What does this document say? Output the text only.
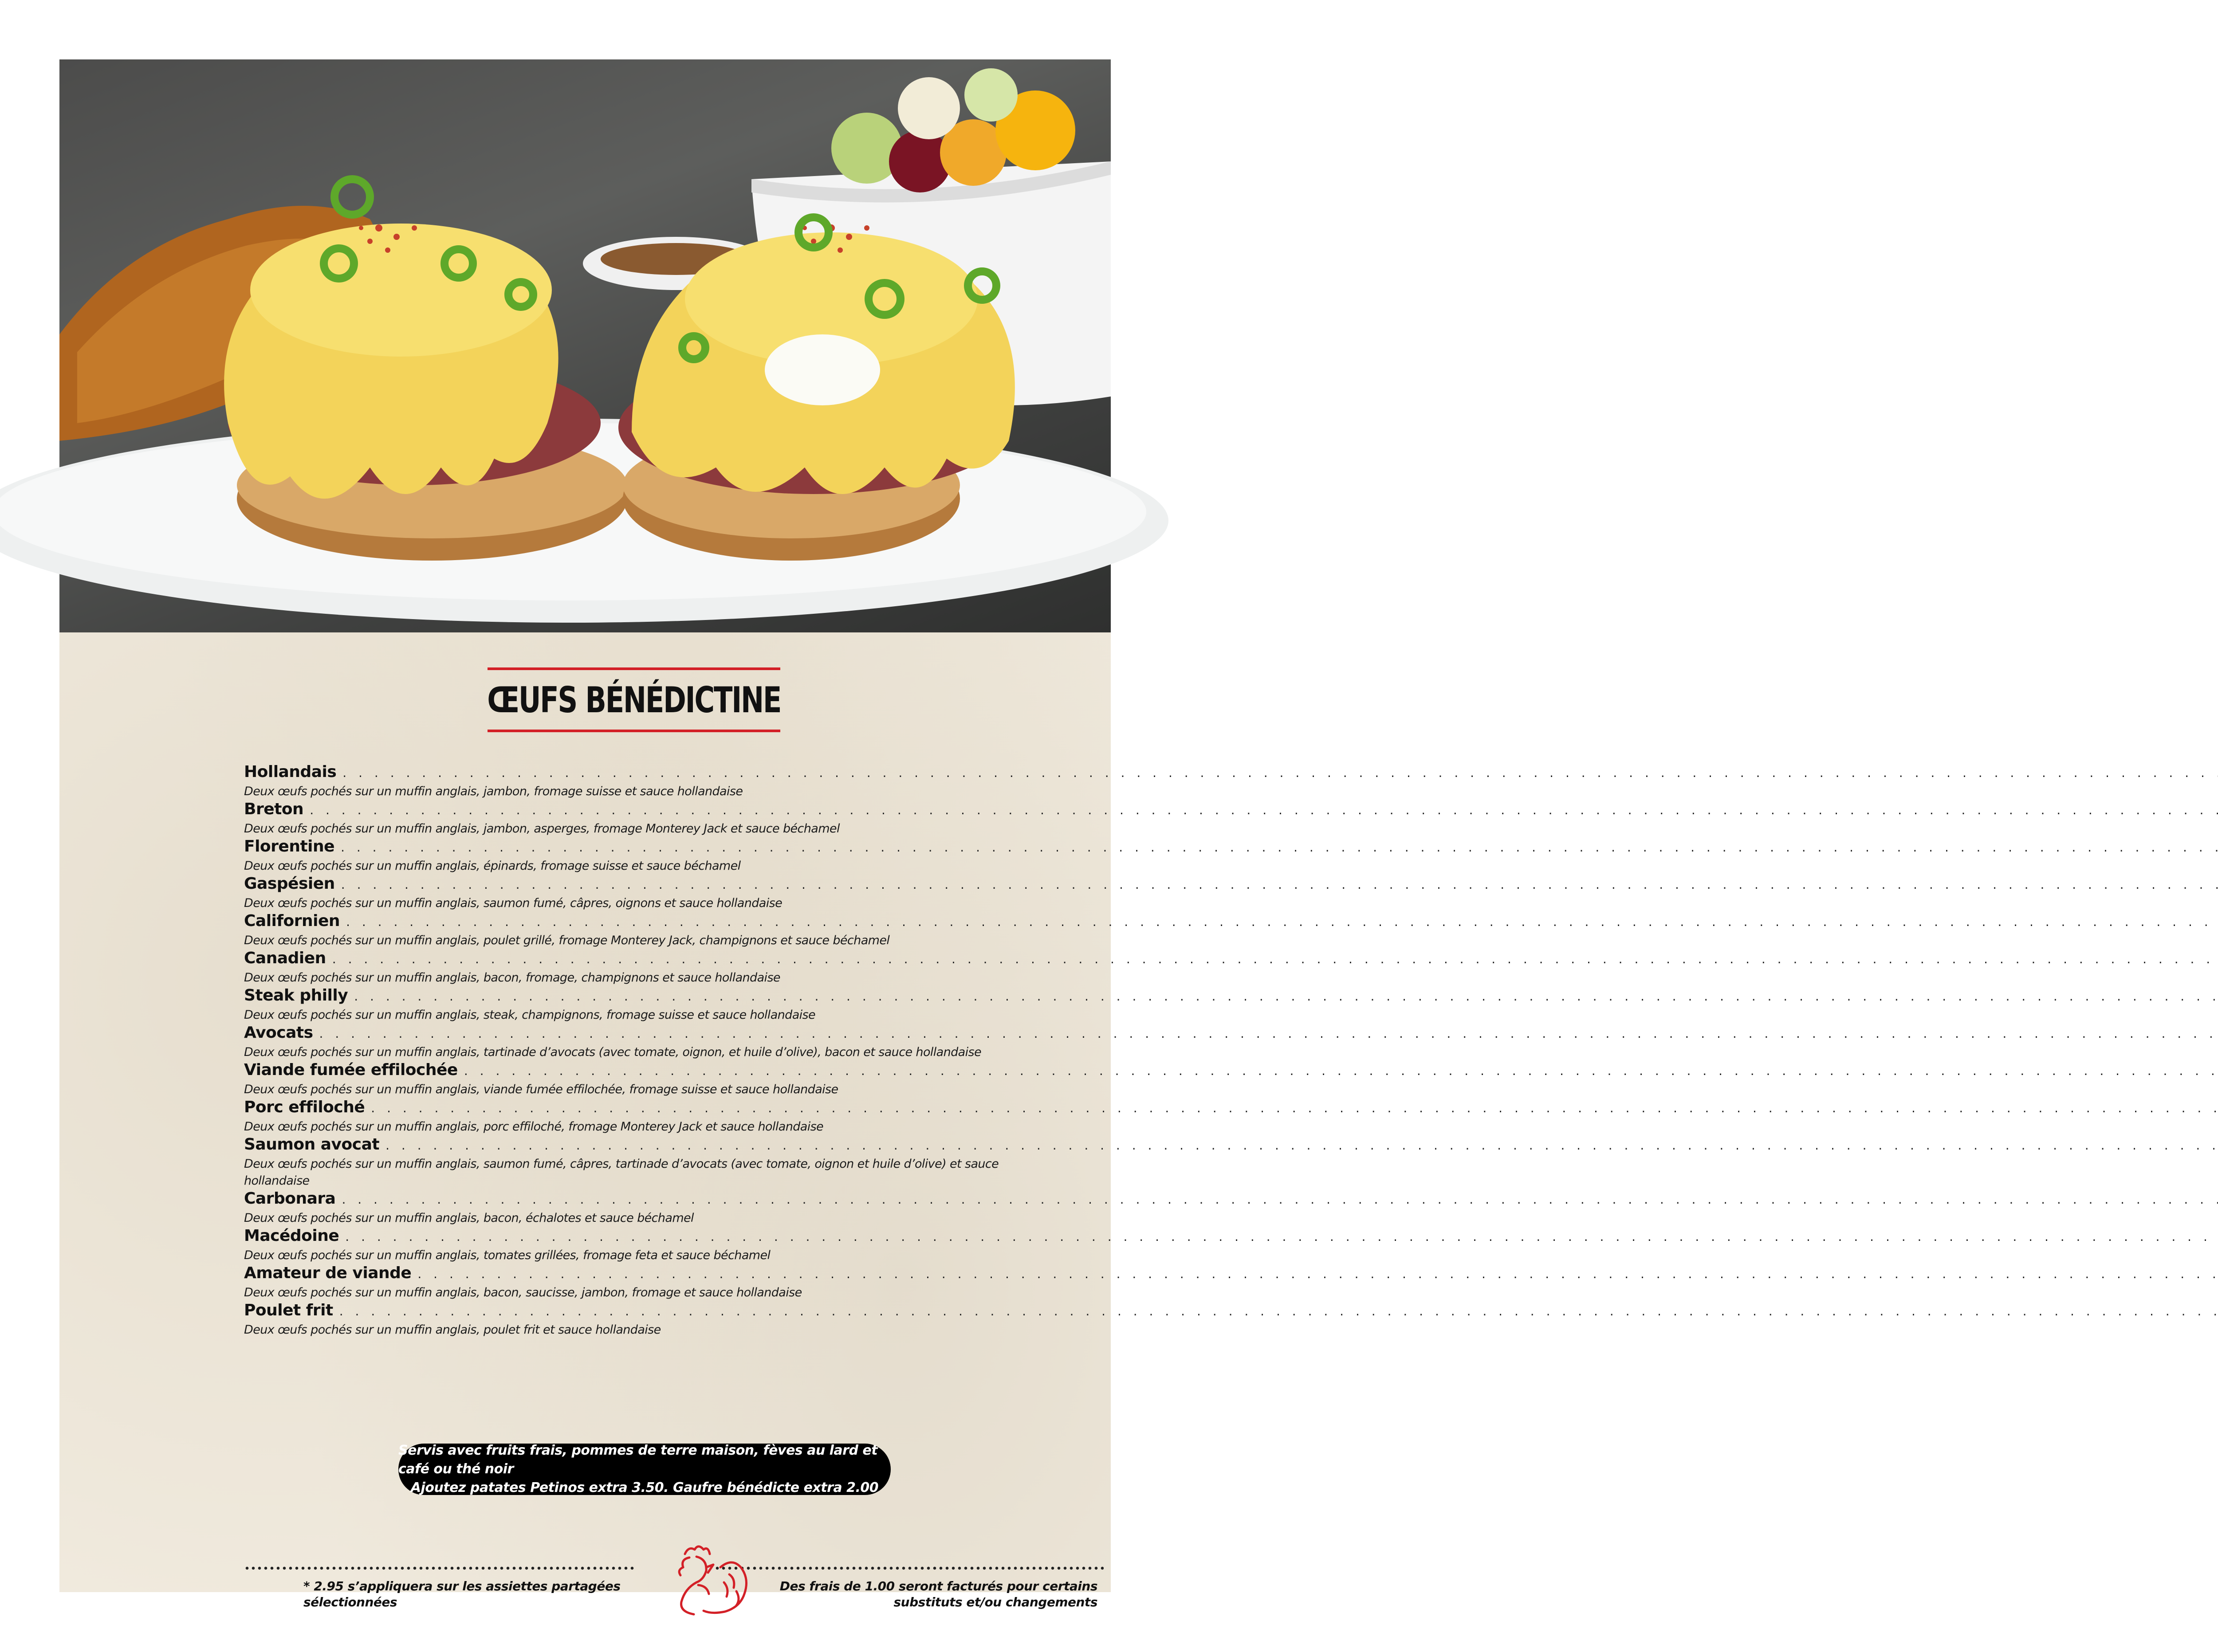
ŒUFS BÉNÉDICTINE
Hollandais
. . .
Deux œufs pochés sur un muffin anglais, jambon, fromage suisse et sauce hollandaise
Breton
. . .
Deux œufs pochés sur un muffin anglais, jambon, asperges, fromage Monterey Jack et sauce béchamel
Florentine
. . .
Deux œufs pochés sur un muffin anglais, épinards, fromage suisse et sauce béchamel
Gaspésien
. . .
Deux œufs pochés sur un muffin anglais, saumon fumé, câpres, oignons et sauce hollandaise
Californien
. . .
Deux œufs pochés sur un muffin anglais, poulet grillé, fromage Monterey Jack, champignons et sauce béchamel
Canadien
. . .
Deux œufs pochés sur un muffin anglais, bacon, fromage, champignons et sauce hollandaise
Steak philly
. . .
Deux œufs pochés sur un muffin anglais, steak, champignons, fromage suisse et sauce hollandaise
Avocats
. . .
Deux œufs pochés sur un muffin anglais, tartinade d’avocats (avec tomate, oignon, et huile d’olive), bacon et sauce hollandaise
Viande fumée effilochée
. . .
Deux œufs pochés sur un muffin anglais, viande fumée effilochée, fromage suisse et sauce hollandaise
Porc effiloché
. . .
Deux œufs pochés sur un muffin anglais, porc effiloché, fromage Monterey Jack et sauce hollandaise
Saumon avocat
. . .
Deux œufs pochés sur un muffin anglais, saumon fumé, câpres, tartinade d’avocats (avec tomate, oignon et huile d’olive) et sauce hollandaise
Carbonara
. . .
Deux œufs pochés sur un muffin anglais, bacon, échalotes et sauce béchamel
Macédoine
. . .
Deux œufs pochés sur un muffin anglais, tomates grillées, fromage feta et sauce béchamel
Amateur de viande
. . .
Deux œufs pochés sur un muffin anglais, bacon, saucisse, jambon, fromage et sauce hollandaise
Poulet frit
. . .
Deux œufs pochés sur un muffin anglais, poulet frit et sauce hollandaise
Servis avec fruits frais, pommes de terre maison, fèves au lard et café ou thé noir
Ajoutez patates Petinos extra 3.50. Gaufre bénédicte extra 2.00
* 2.95 s’appliquera sur les assiettes partagées
sélectionnées
Des frais de 1.00 seront facturés pour certains
substituts et/ou changements
